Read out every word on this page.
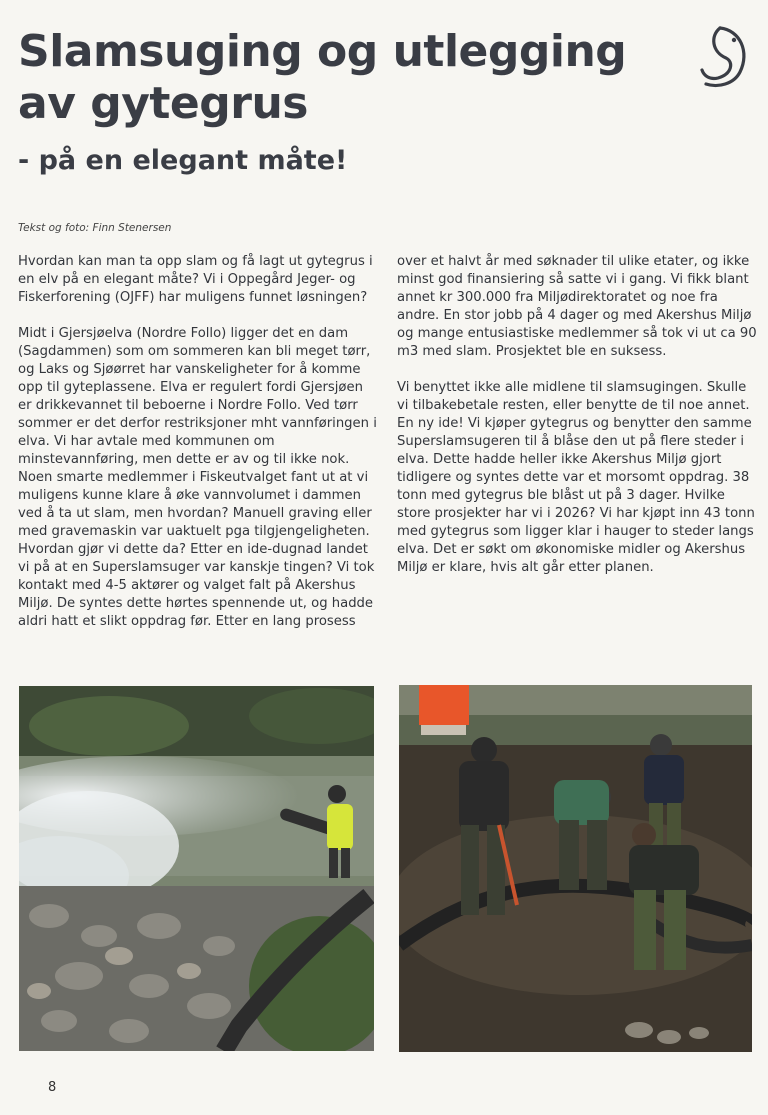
Slamsuging og utlegging
av gytegrus
- på en elegant måte!
Tekst og foto: Finn Stenersen

Hvordan kan man ta opp slam og få lagt ut gytegrus i en elv på en elegant måte? Vi i Oppegård Jeger- og Fiskerforening (OJFF) har muligens funnet løsningen?

Midt i Gjersjøelva (Nordre Follo) ligger det en dam (Sagdammen) som om sommeren kan bli meget tørr, og Laks og Sjøørret har vanskeligheter for å komme opp til gyteplassene. Elva er regulert fordi Gjersjøen er drikkevannet til beboerne i Nordre Follo. Ved tørr sommer er det derfor restriksjoner mht vannføringen i elva. Vi har avtale med kommunen om minstevannføring, men dette er av og til ikke nok. Noen smarte medlemmer i Fiskeutvalget fant ut at vi muligens kunne klare å øke vannvolumet i dammen ved å ta ut slam, men hvordan? Manuell graving eller med gravemaskin var uaktuelt pga tilgjengeligheten. Hvordan gjør vi dette da? Etter en ide-dugnad landet vi på at en Superslamsuger var kanskje tingen? Vi tok kontakt med 4-5 aktører og valget falt på Akershus Miljø. De syntes dette hørtes spennende ut, og hadde aldri hatt et slikt oppdrag før. Etter en lang prosess

over et halvt år med søknader til ulike etater, og ikke minst god finansiering så satte vi i gang. Vi fikk blant annet kr 300.000 fra Miljødirektoratet og noe fra andre. En stor jobb på 4 dager og med Akershus Miljø og mange entusiastiske medlemmer så tok vi ut ca 90 m3 med slam. Prosjektet ble en suksess.

Vi benyttet ikke alle midlene til slamsugingen. Skulle vi tilbakebetale resten, eller benytte de til noe annet. En ny ide! Vi kjøper gytegrus og benytter den samme Superslamsugeren til å blåse den ut på flere steder i elva. Dette hadde heller ikke Akershus Miljø gjort tidligere og syntes dette var et morsomt oppdrag. 38 tonn med gytegrus ble blåst ut på 3 dager. Hvilke store prosjekter har vi i 2026? Vi har kjøpt inn 43 tonn med gytegrus som ligger klar i hauger to steder langs elva. Det er søkt om økonomiske midler og Akershus Miljø er klare, hvis alt går etter planen.

8
